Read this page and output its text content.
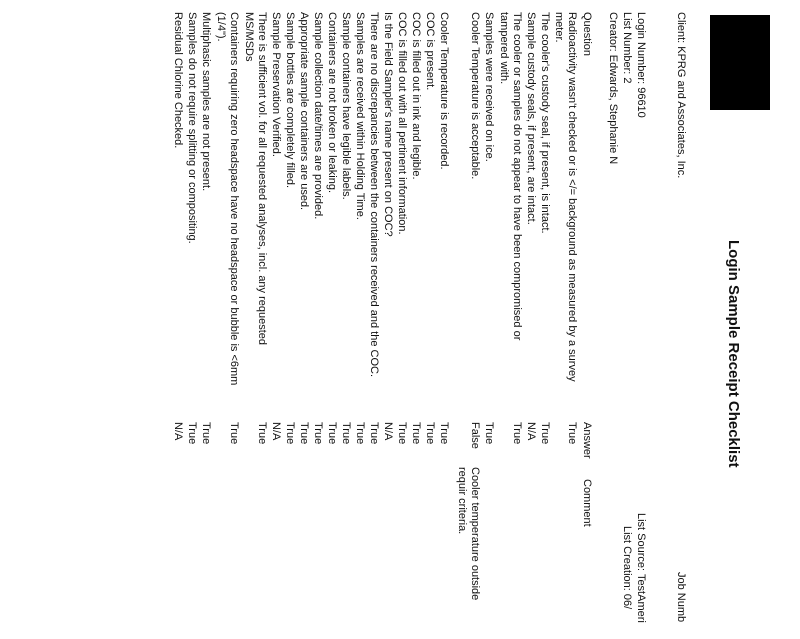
Login Sample Receipt Checklist
Client: KPRG and Associates, Inc.
Job Numb
Login Number: 96610
List Source: TestAmeri
List Number: 2
List Creation: 06/
Creator: Edwards, Stephanie N
Question
Answer
Comment
Radioactivity wasn't checked or is </= background as measured by a survey meter.
True
The cooler's custody seal, if present, is intact.
True
Sample custody seals, if present, are intact.
N/A
The cooler or samples do not appear to have been compromised or tampered with.
True
Samples were received on ice.
True
Cooler Temperature is acceptable.
False
Cooler temperature outside requir criteria.
Cooler Temperature is recorded.
True
COC is present.
True
COC is filled out in ink and legible.
True
COC is filled out with all pertinent information.
True
Is the Field Sampler's name present on COC?
N/A
There are no discrepancies between the containers received and the COC.
True
Samples are received within Holding Time.
True
Sample containers have legible labels.
True
Containers are not broken or leaking.
True
Sample collection date/times are provided.
True
Appropriate sample containers are used.
True
Sample bottles are completely filled.
True
Sample Preservation Verified.
N/A
There is sufficient vol. for all requested analyses, incl. any requested MS/MSDs
True
Containers requiring zero headspace have no headspace or bubble is <6mm (1/4").
True
Multiphasic samples are not present.
True
Samples do not require splitting or compositing.
True
Residual Chlorine Checked.
N/A
